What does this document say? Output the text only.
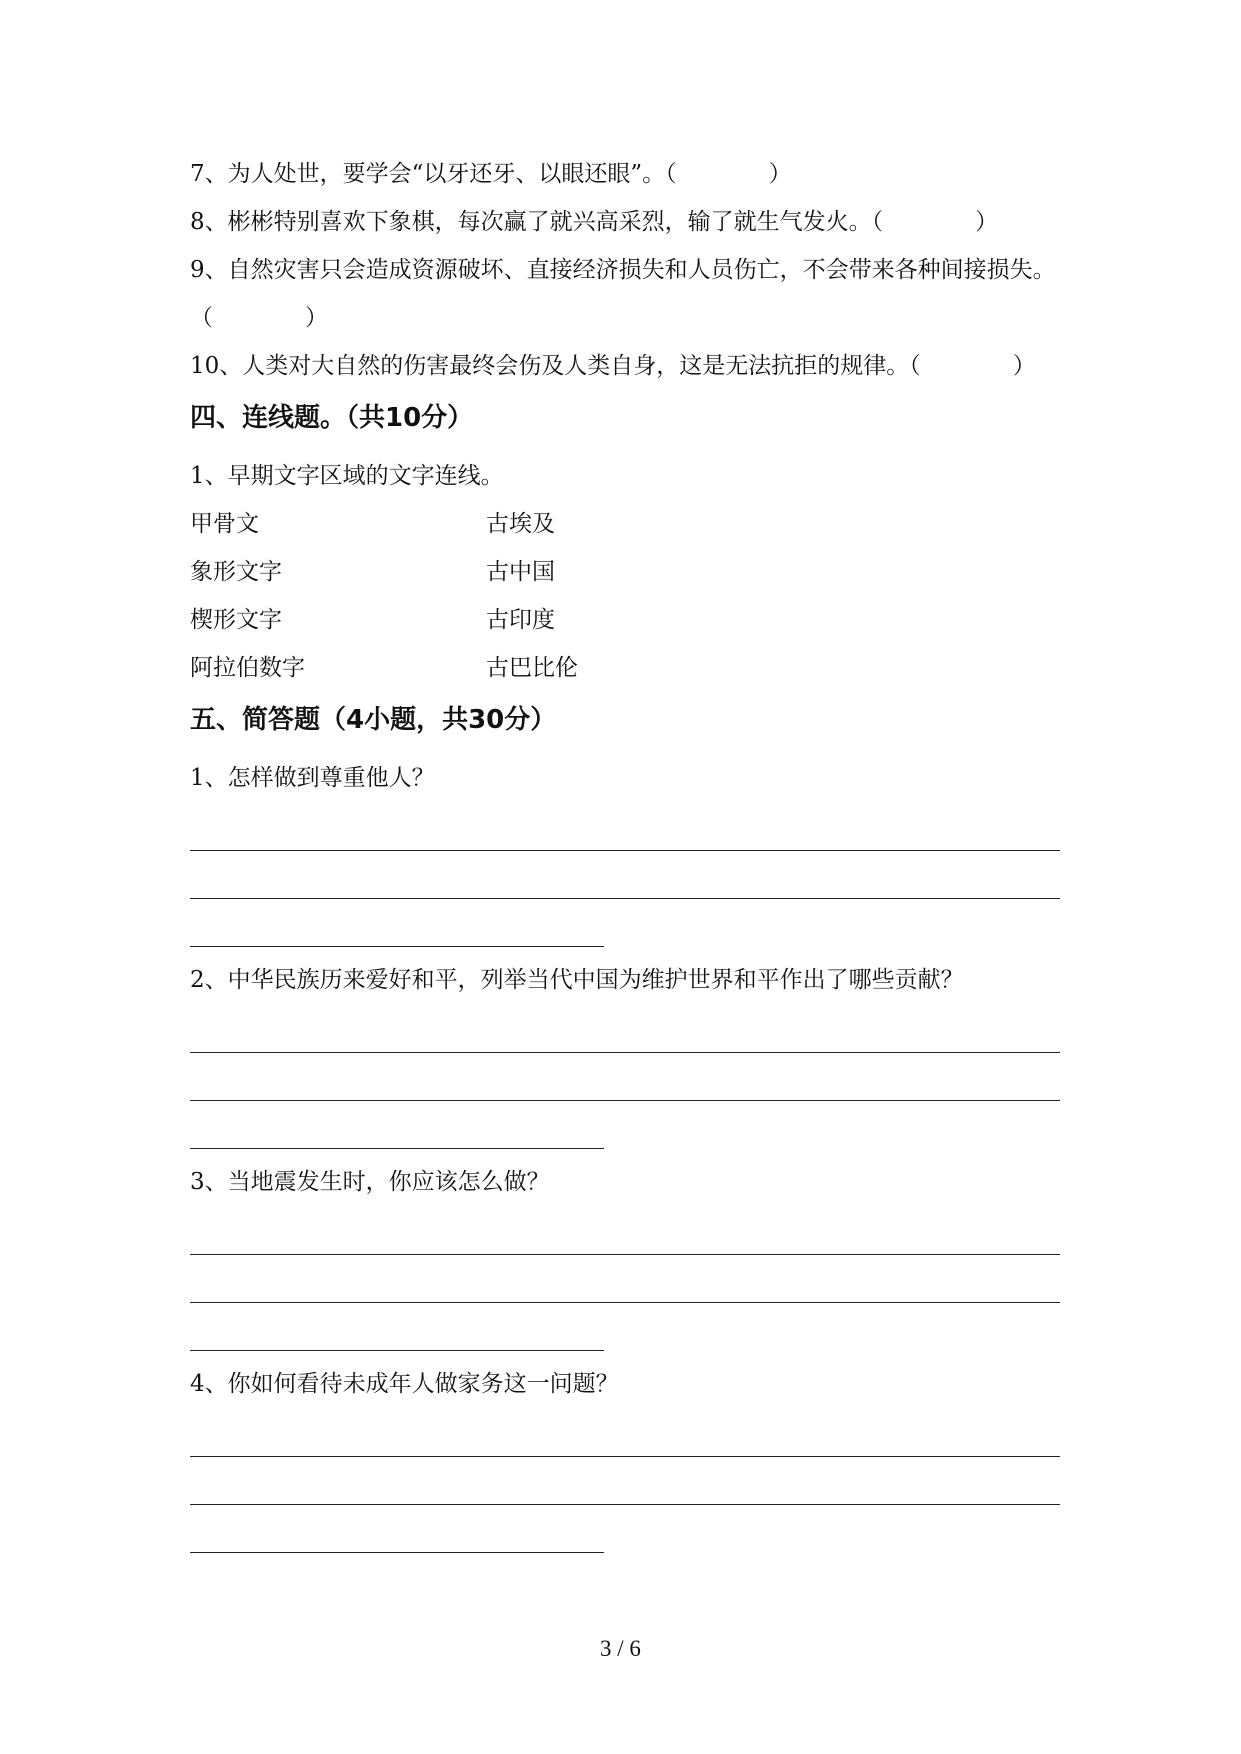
7、为人处世，要学会“以牙还牙、以眼还眼”。（　　　　）
8、彬彬特别喜欢下象棋，每次赢了就兴高采烈，输了就生气发火。（　　　　）
9、自然灾害只会造成资源破坏、直接经济损失和人员伤亡，不会带来各种间接损失。（　　　　）
10、人类对大自然的伤害最终会伤及人类自身，这是无法抗拒的规律。（　　　　）
四、连线题。（共10分）
1、早期文字区域的文字连线。
甲骨文	古埃及
象形文字	古中国
楔形文字	古印度
阿拉伯数字	古巴比伦
五、简答题（4小题，共30分）
1、怎样做到尊重他人？
2、中华民族历来爱好和平，列举当代中国为维护世界和平作出了哪些贡献？
3、当地震发生时，你应该怎么做？
4、你如何看待未成年人做家务这一问题？
3 / 6
